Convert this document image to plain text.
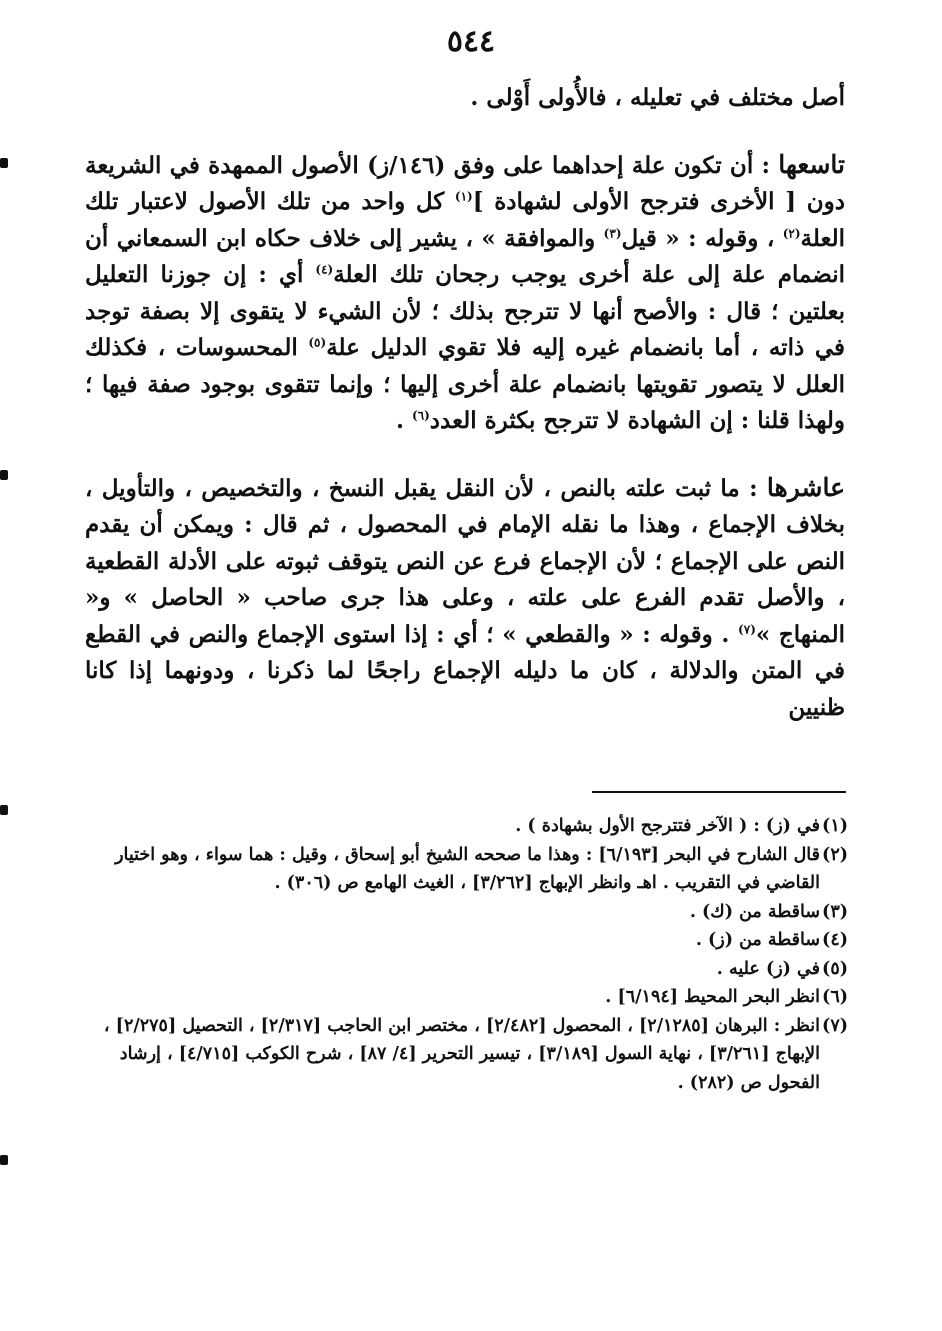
٥٤٤

أصل مختلف في تعليله ، فالأُولى أَوْلى .

تاسعها : أن تكون علة إحداهما على وفق (١٤٦/ز) الأصول الممهدة في الشريعة دون [ الأخرى فترجح الأولى لشهادة ]$^{(١)}$ كل واحد من تلك الأصول لاعتبار تلك العلة$^{(٢)}$ ، وقوله : « قيل$^{(٣)}$ والموافقة » ، يشير إلى خلاف حكاه ابن السمعاني أن انضمام علة إلى علة أخرى يوجب رجحان تلك العلة$^{(٤)}$ أي : إن جوزنا التعليل بعلتين ؛ قال : والأصح أنها لا تترجح بذلك ؛ لأن الشيء لا يتقوى إلا بصفة توجد في ذاته ، أما بانضمام غيره إليه فلا تقوي الدليل علة$^{(٥)}$ المحسوسات ، فكذلك العلل لا يتصور تقويتها بانضمام علة أخرى إليها ؛ وإنما تتقوى بوجود صفة فيها ؛ ولهذا قلنا : إن الشهادة لا تترجح بكثرة العدد$^{(٦)}$ .

عاشرها : ما ثبت علته بالنص ، لأن النقل يقبل النسخ ، والتخصيص ، والتأويل ، بخلاف الإجماع ، وهذا ما نقله الإمام في المحصول ، ثم قال : ويمكن أن يقدم النص على الإجماع ؛ لأن الإجماع فرع عن النص يتوقف ثبوته على الأدلة القطعية ، والأصل تقدم الفرع على علته ، وعلى هذا جرى صاحب « الحاصل » و« المنهاج »$^{(٧)}$ . وقوله : « والقطعي » ؛ أي : إذا استوى الإجماع والنص في القطع في المتن والدلالة ، كان ما دليله الإجماع راجحًا لما ذكرنا ، ودونهما إذا كانا ظنيين

(١)في (ز) : ( الآخر فتترجح الأول بشهادة ) .

(٢)قال الشارح في البحر [٦/١٩٣] : وهذا ما صححه الشيخ أبو إسحاق ، وقيل : هما سواء ، وهو اختيار القاضي في التقريب . اهـ وانظر الإبهاج [٣/٢٦٢] ، الغيث الهامع ص (٣٠٦) .

(٣)ساقطة من (ك) .

(٤)ساقطة من (ز) .

(٥)في (ز) عليه .

(٦)انظر البحر المحيط [٦/١٩٤] .

(٧)انظر : البرهان [٢/١٢٨٥] ، المحصول [٢/٤٨٢] ، مختصر ابن الحاجب [٢/٣١٧] ، التحصيل [٢/٢٧٥] ، الإبهاج [٣/٢٦١] ، نهاية السول [٣/١٨٩] ، تيسير التحرير [٤/ ٨٧] ، شرح الكوكب [٤/٧١٥] ، إرشاد الفحول ص (٢٨٢) .
